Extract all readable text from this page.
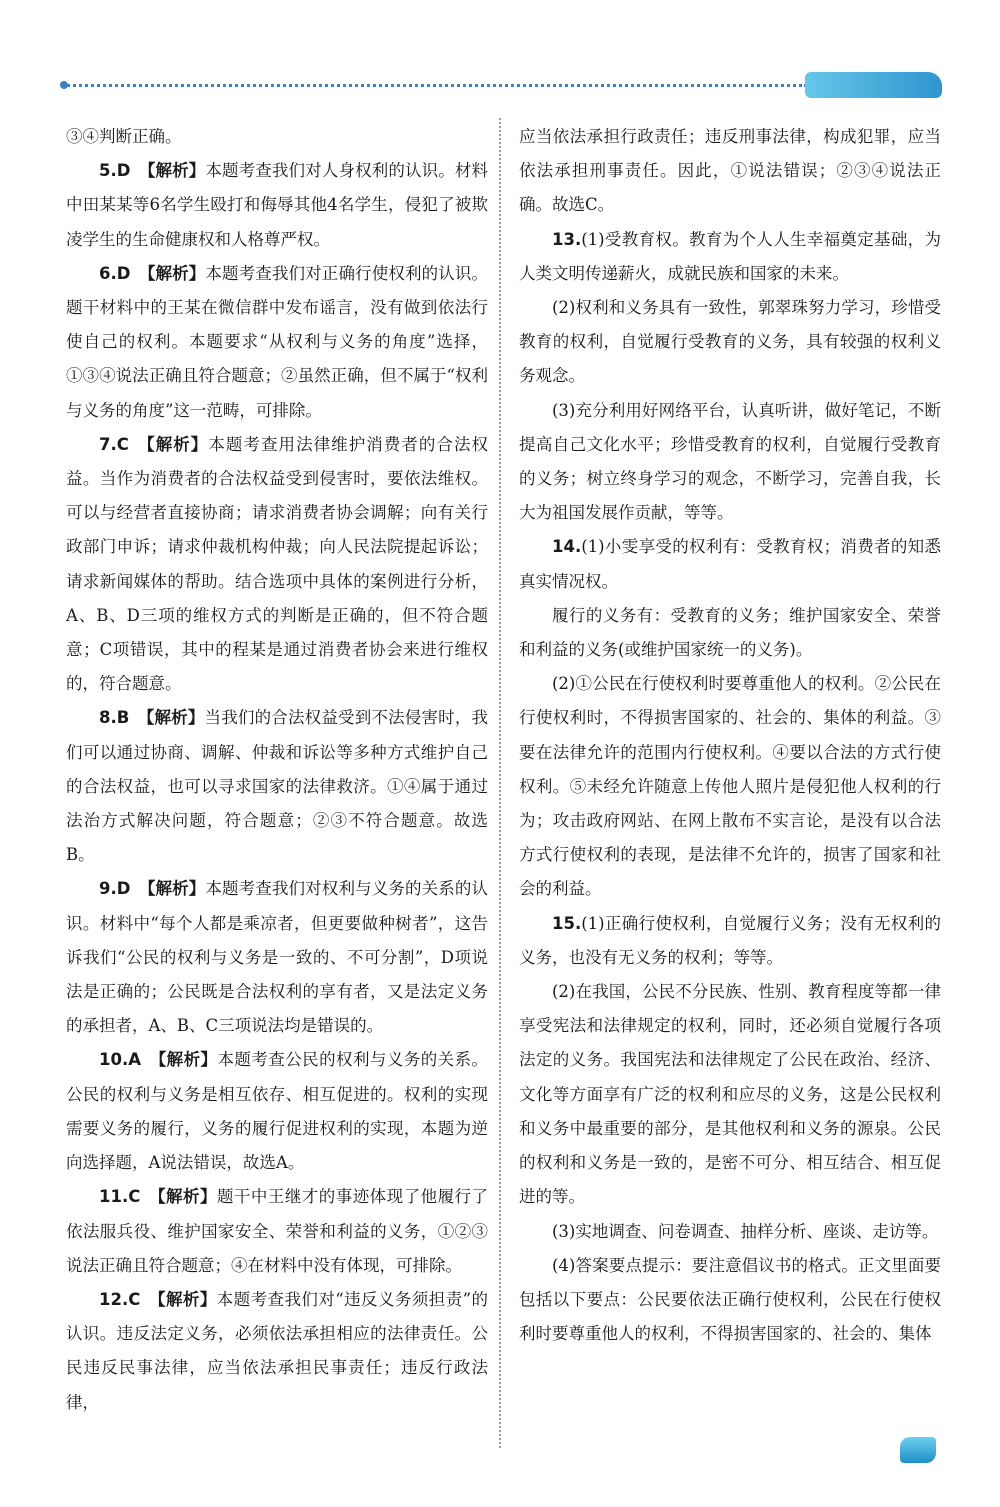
③④判断正确。

5.D  【解析】本题考查我们对人身权利的认识。材料中田某某等6名学生殴打和侮辱其他4名学生，侵犯了被欺凌学生的生命健康权和人格尊严权。

6.D  【解析】本题考查我们对正确行使权利的认识。题干材料中的王某在微信群中发布谣言，没有做到依法行使自己的权利。本题要求“从权利与义务的角度”选择，①③④说法正确且符合题意；②虽然正确，但不属于“权利与义务的角度”这一范畴，可排除。

7.C  【解析】本题考查用法律维护消费者的合法权益。当作为消费者的合法权益受到侵害时，要依法维权。可以与经营者直接协商；请求消费者协会调解；向有关行政部门申诉；请求仲裁机构仲裁；向人民法院提起诉讼；请求新闻媒体的帮助。结合选项中具体的案例进行分析，A、B、D三项的维权方式的判断是正确的，但不符合题意；C项错误，其中的程某是通过消费者协会来进行维权的，符合题意。

8.B  【解析】当我们的合法权益受到不法侵害时，我们可以通过协商、调解、仲裁和诉讼等多种方式维护自己的合法权益，也可以寻求国家的法律救济。①④属于通过法治方式解决问题，符合题意；②③不符合题意。故选B。

9.D  【解析】本题考查我们对权利与义务的关系的认识。材料中“每个人都是乘凉者，但更要做种树者”，这告诉我们“公民的权利与义务是一致的、不可分割”，D项说法是正确的；公民既是合法权利的享有者，又是法定义务的承担者，A、B、C三项说法均是错误的。

10.A  【解析】本题考查公民的权利与义务的关系。公民的权利与义务是相互依存、相互促进的。权利的实现需要义务的履行，义务的履行促进权利的实现，本题为逆向选择题，A说法错误，故选A。

11.C  【解析】题干中王继才的事迹体现了他履行了依法服兵役、维护国家安全、荣誉和利益的义务，①②③说法正确且符合题意；④在材料中没有体现，可排除。

12.C  【解析】本题考查我们对“违反义务须担责”的认识。违反法定义务，必须依法承担相应的法律责任。公民违反民事法律，应当依法承担民事责任；违反行政法律，

应当依法承担行政责任；违反刑事法律，构成犯罪，应当依法承担刑事责任。因此，①说法错误；②③④说法正确。故选C。

13.(1)受教育权。教育为个人人生幸福奠定基础，为人类文明传递薪火，成就民族和国家的未来。

(2)权利和义务具有一致性，郭翠珠努力学习，珍惜受教育的权利，自觉履行受教育的义务，具有较强的权利义务观念。

(3)充分利用好网络平台，认真听讲，做好笔记，不断提高自己文化水平；珍惜受教育的权利，自觉履行受教育的义务；树立终身学习的观念，不断学习，完善自我，长大为祖国发展作贡献，等等。

14.(1)小雯享受的权利有：受教育权；消费者的知悉真实情况权。

履行的义务有：受教育的义务；维护国家安全、荣誉和利益的义务(或维护国家统一的义务)。

(2)①公民在行使权利时要尊重他人的权利。②公民在行使权利时，不得损害国家的、社会的、集体的利益。③要在法律允许的范围内行使权利。④要以合法的方式行使权利。⑤未经允许随意上传他人照片是侵犯他人权利的行为；攻击政府网站、在网上散布不实言论，是没有以合法方式行使权利的表现，是法律不允许的，损害了国家和社会的利益。

15.(1)正确行使权利，自觉履行义务；没有无权利的义务，也没有无义务的权利；等等。

(2)在我国，公民不分民族、性别、教育程度等都一律享受宪法和法律规定的权利，同时，还必须自觉履行各项法定的义务。我国宪法和法律规定了公民在政治、经济、文化等方面享有广泛的权利和应尽的义务，这是公民权利和义务中最重要的部分，是其他权利和义务的源泉。公民的权利和义务是一致的，是密不可分、相互结合、相互促进的等。

(3)实地调查、问卷调查、抽样分析、座谈、走访等。

(4)答案要点提示：要注意倡议书的格式。正文里面要包括以下要点：公民要依法正确行使权利，公民在行使权利时要尊重他人的权利，不得损害国家的、社会的、集体
